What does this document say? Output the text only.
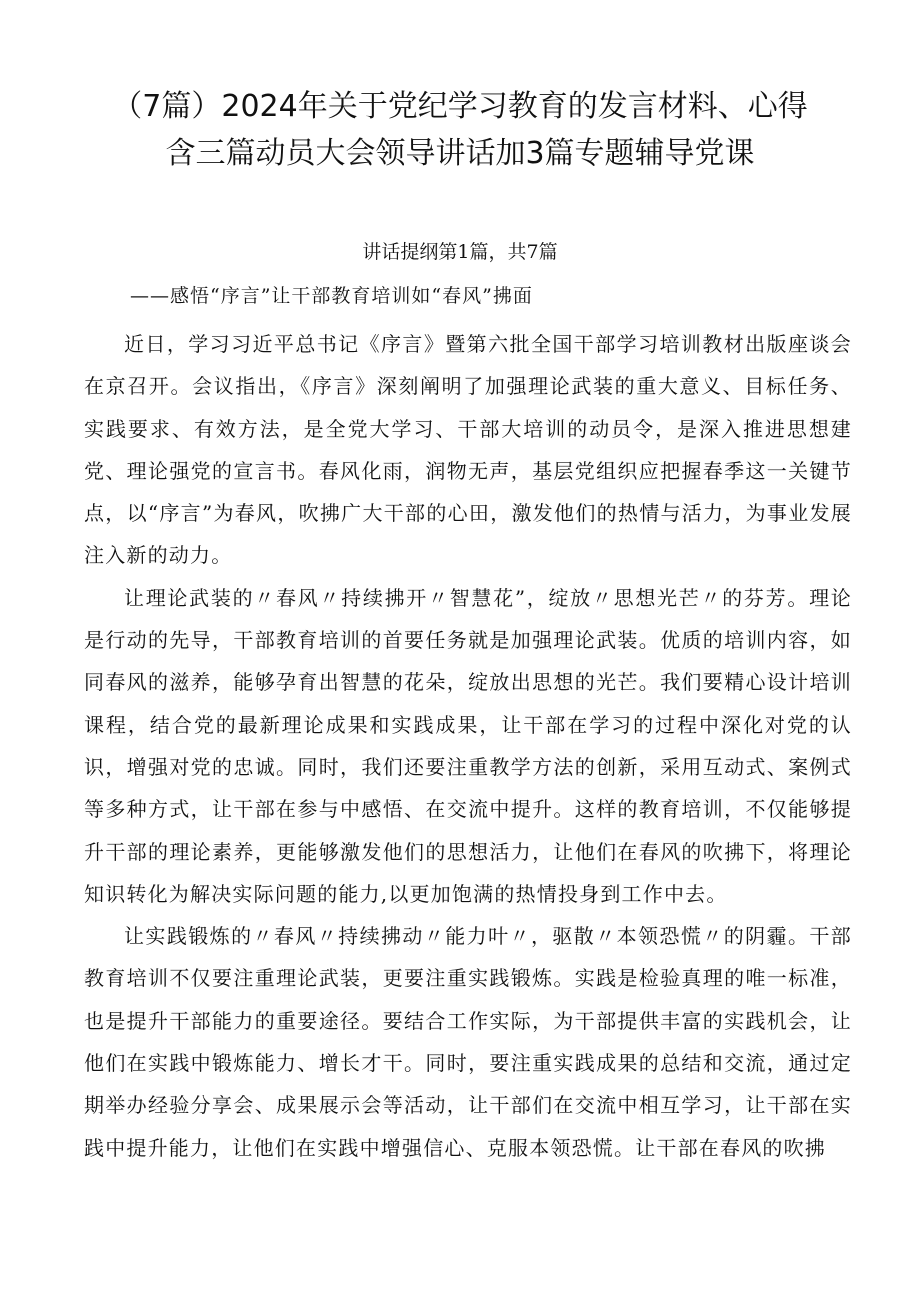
（7篇）2024年关于党纪学习教育的发言材料、心得
含三篇动员大会领导讲话加3篇专题辅导党课
讲话提纲第1篇，共7篇
——感悟“序言”让干部教育培训如“春风”拂面

近日，学习习近平总书记《序言》暨第六批全国干部学习培训教材出版座谈会在京召开。会议指出，《序言》深刻阐明了加强理论武装的重大意义、目标任务、实践要求、有效方法，是全党大学习、干部大培训的动员令，是深入推进思想建党、理论强党的宣言书。春风化雨，润物无声，基层党组织应把握春季这一关键节点，以“序言”为春风，吹拂广大干部的心田，激发他们的热情与活力，为事业发展注入新的动力。

让理论武装的〃春风〃持续拂开〃智慧花”，绽放〃思想光芒〃的芬芳。理论是行动的先导，干部教育培训的首要任务就是加强理论武装。优质的培训内容，如同春风的滋养，能够孕育出智慧的花朵，绽放出思想的光芒。我们要精心设计培训课程，结合党的最新理论成果和实践成果，让干部在学习的过程中深化对党的认识，增强对党的忠诚。同时，我们还要注重教学方法的创新，采用互动式、案例式等多种方式，让干部在参与中感悟、在交流中提升。这样的教育培训，不仅能够提升干部的理论素养，更能够激发他们的思想活力，让他们在春风的吹拂下，将理论知识转化为解决实际问题的能力,以更加饱满的热情投身到工作中去。

让实践锻炼的〃春风〃持续拂动〃能力叶〃，驱散〃本领恐慌〃的阴霾。干部教育培训不仅要注重理论武装，更要注重实践锻炼。实践是检验真理的唯一标准，也是提升干部能力的重要途径。要结合工作实际，为干部提供丰富的实践机会，让他们在实践中锻炼能力、增长才干。同时，要注重实践成果的总结和交流，通过定期举办经验分享会、成果展示会等活动，让干部们在交流中相互学习，让干部在实践中提升能力，让他们在实践中增强信心、克服本领恐慌。让干部在春风的吹拂
